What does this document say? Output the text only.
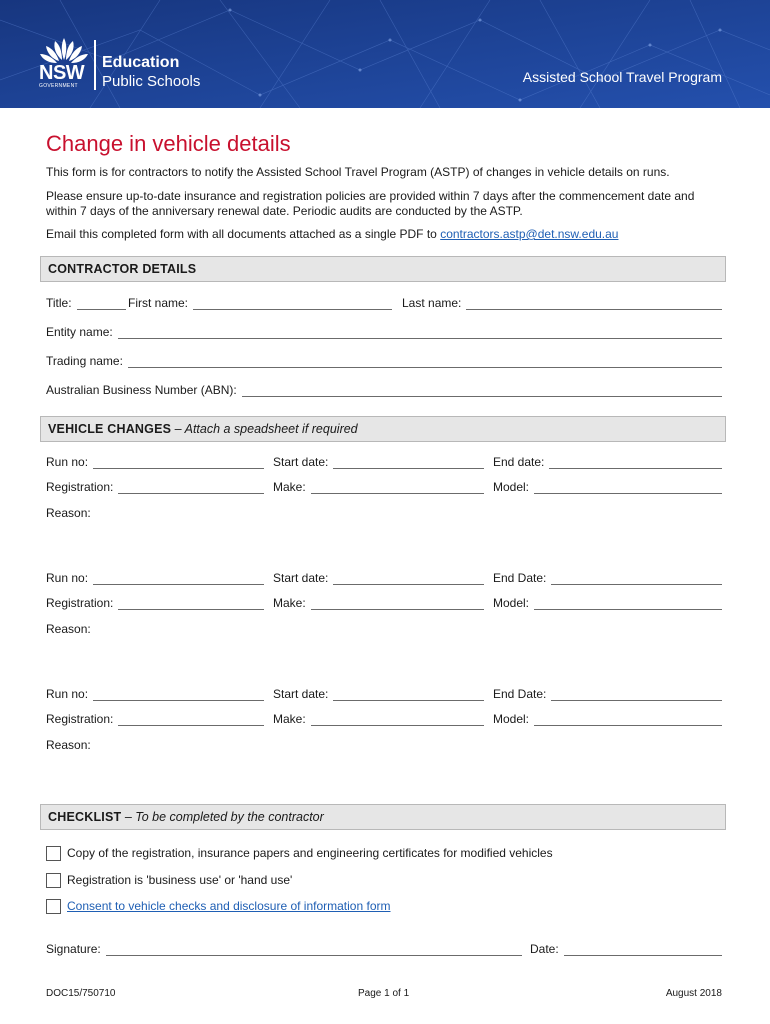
NSW
GOVERNMENT
Education
Public Schools	Assisted School Travel Program
Change in vehicle details
This form is for contractors to notify the Assisted School Travel Program (ASTP) of changes in vehicle details on runs.
Please ensure up-to-date insurance and registration policies are provided within 7 days after the commencement date and within 7 days of the anniversary renewal date. Periodic audits are conducted by the ASTP.
Email this completed form with all documents attached as a single PDF to contractors.astp@det.nsw.edu.au
CONTRACTOR DETAILS
Title:	First name:	Last name:
Entity name:
Trading name:
Australian Business Number (ABN):
VEHICLE CHANGES – Attach a speadsheet if required
Run no:	Start date:	End date:
Registration:	Make:	Model:
Reason:
Run no:	Start date:	End Date:
Registration:	Make:	Model:
Reason:
Run no:	Start date:	End Date:
Registration:	Make:	Model:
Reason:
CHECKLIST – To be completed by the contractor
Copy of the registration, insurance papers and engineering certificates for modified vehicles
Registration is 'business use' or 'hand use'
Consent to vehicle checks and disclosure of information form
Signature:	Date:
DOC15/750710	Page 1 of 1	August 2018
